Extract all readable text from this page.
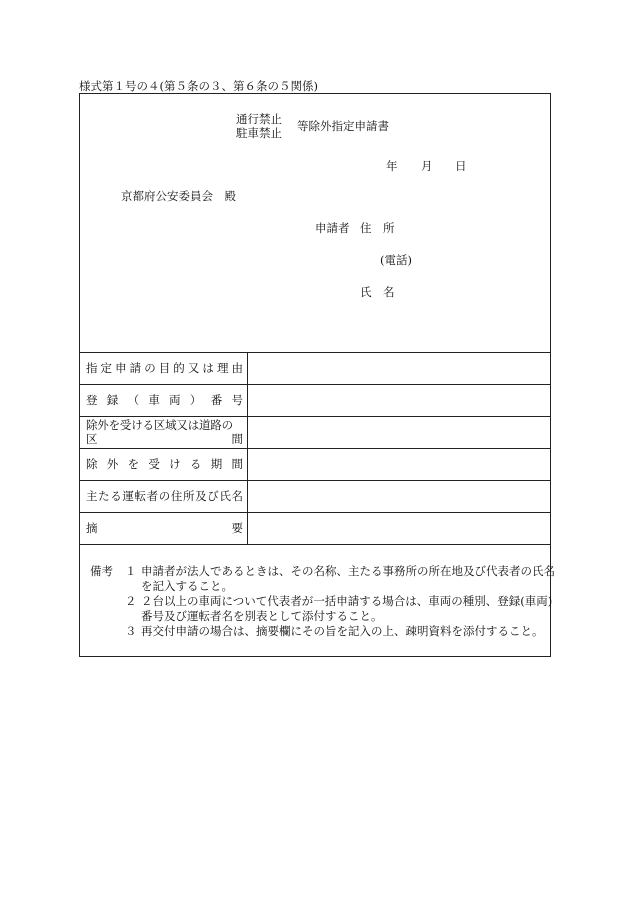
様式第１号の４(第５条の３、第６条の５関係)
通行禁止
駐車禁止 等除外指定申請書
年 月 日
京都府公安委員会　殿
申請者 住　所
(電話)
氏　名
指定申請の目的又は理由
登録（車両）番号
除外を受ける区域又は道路の
区間
除外を受ける期間
主たる運転者の住所及び氏名
摘要
備考 １ 申請者が法人であるときは、その名称、主たる事務所の所在地及び代表者の氏名
を記入すること。
２ ２台以上の車両について代表者が一括申請する場合は、車両の種別、登録(車両)
番号及び運転者名を別表として添付すること。
３ 再交付申請の場合は、摘要欄にその旨を記入の上、疎明資料を添付すること。
